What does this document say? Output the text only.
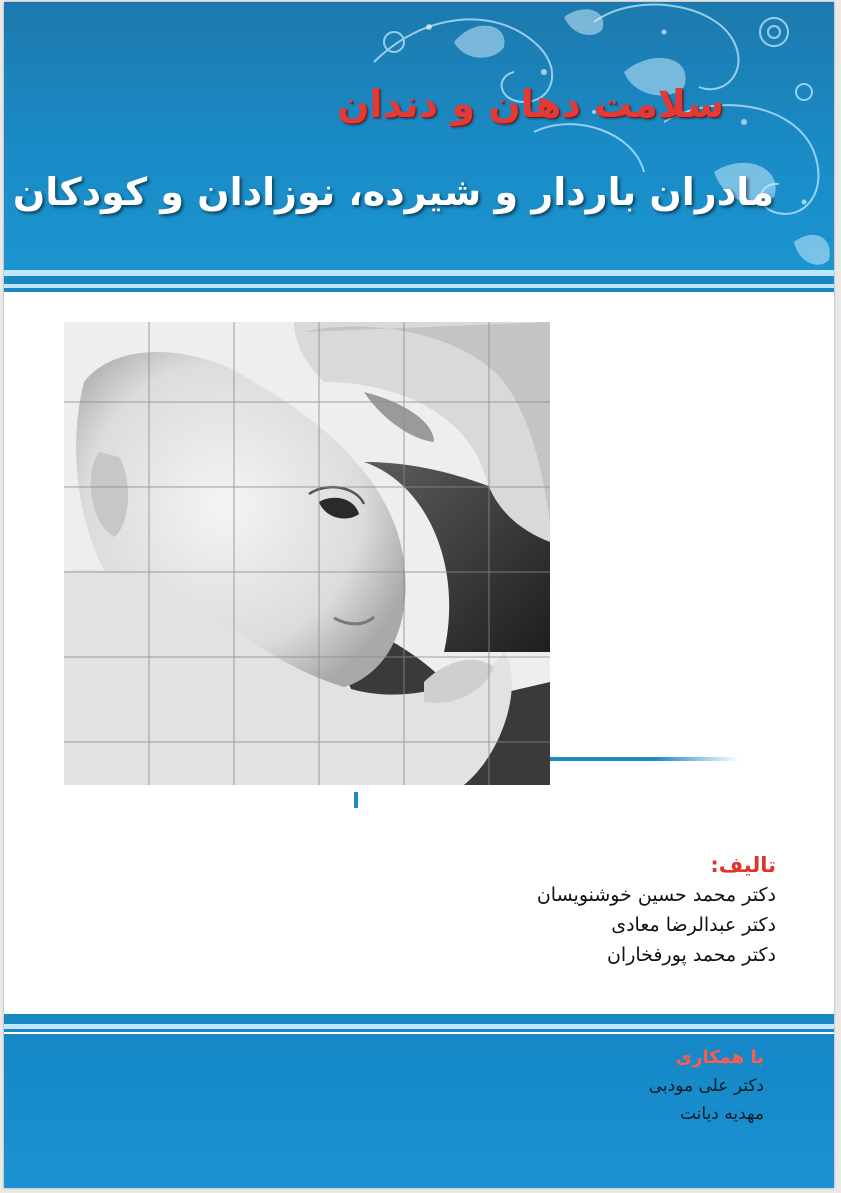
سلامت دهان و دندان
مادران باردار و شیرده، نوزادان و کودکان
تالیف:
دکتر محمد حسین خوشنویسان
دکتر عبدالرضا معادی
دکتر محمد پورفخاران
با همکاری
دکتر علی مودبی
مهدیه دیانت
